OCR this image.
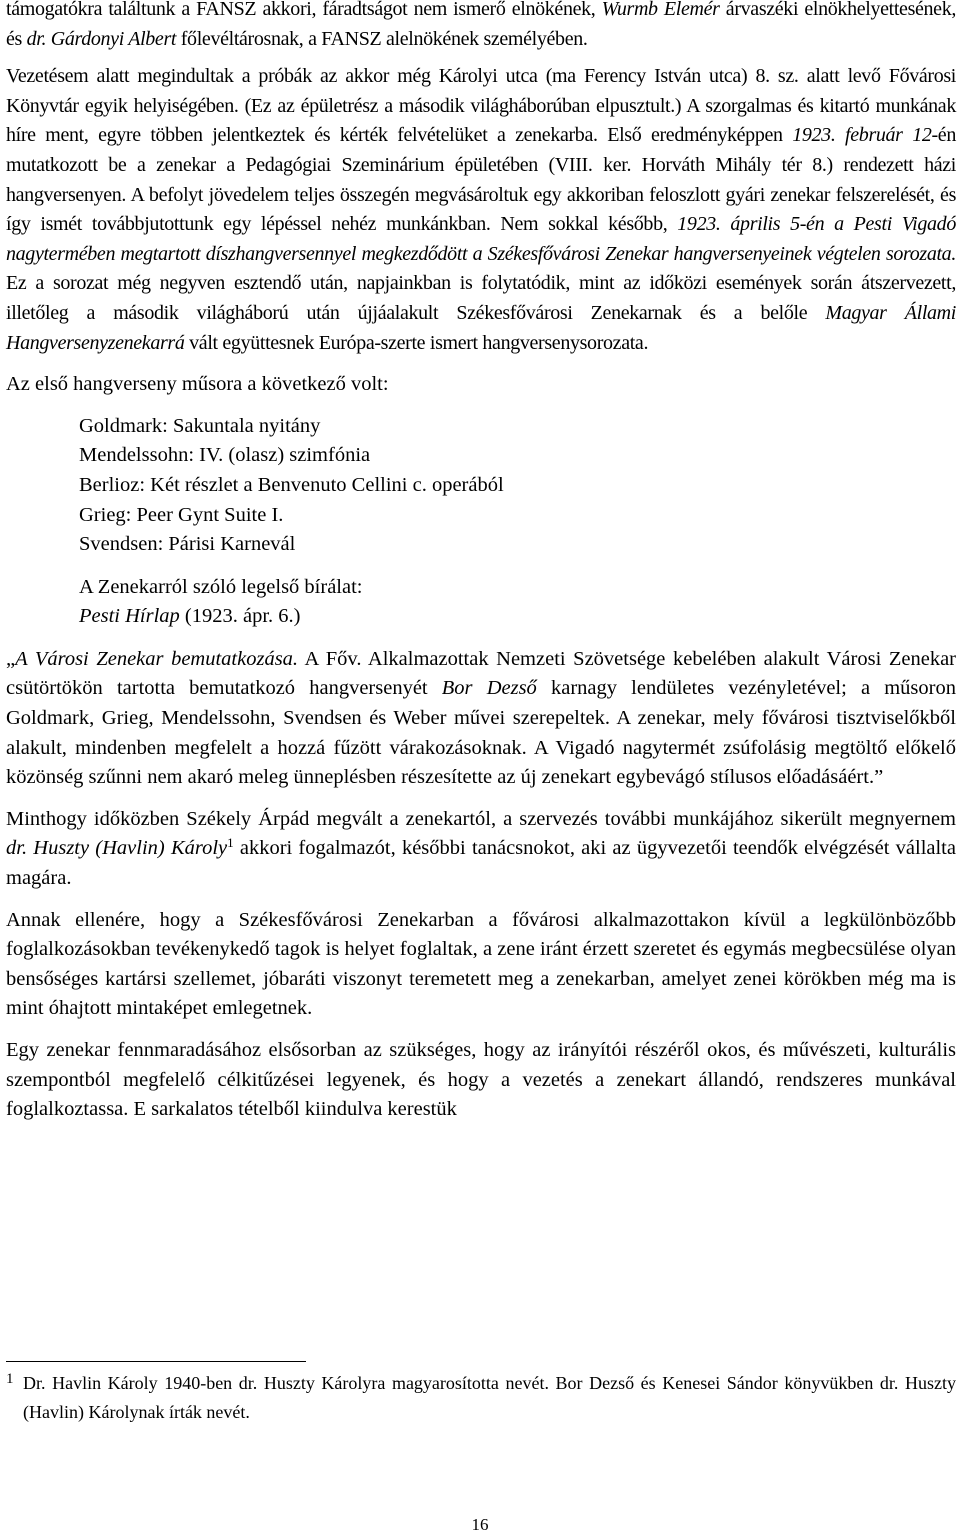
támogatókra találtunk a FANSZ akkori, fáradtságot nem ismerő elnökének, Wurmb Elemér árvaszéki elnökhelyettesének, és dr. Gárdonyi Albert főlevéltárosnak, a FANSZ alelnökének személyében.

Vezetésem alatt megindultak a próbák az akkor még Károlyi utca (ma Ferency István utca) 8. sz. alatt levő Fővárosi Könyvtár egyik helyiségében. (Ez az épületrész a második világháborúban elpusztult.) A szorgalmas és kitartó munkának híre ment, egyre többen jelentkeztek és kérték felvételüket a zenekarba. Első eredményképpen 1923. február 12-én mutatkozott be a zenekar a Pedagógiai Szeminárium épületében (VIII. ker. Horváth Mihály tér 8.) rendezett házi hangversenyen. A befolyt jövedelem teljes összegén megvásároltuk egy akkoriban feloszlott gyári zenekar felszerelését, és így ismét továbbjutottunk egy lépéssel nehéz munkánkban. Nem sokkal később, 1923. április 5-én a Pesti Vigadó nagytermében megtartott díszhangversennyel megkezdődött a Székesfővárosi Zenekar hangversenyeinek végtelen sorozata. Ez a sorozat még negyven esztendő után, napjainkban is folytatódik, mint az időközi események során átszervezett, illetőleg a második világháború után újjáalakult Székesfővárosi Zenekarnak és a belőle Magyar Állami Hangversenyzenekarrá vált együttesnek Európa-szerte ismert hangversenysorozata.

Az első hangverseny műsora a következő volt:

Goldmark: Sakuntala nyitány
Mendelssohn: IV. (olasz) szimfónia
Berlioz: Két részlet a Benvenuto Cellini c. operából
Grieg: Peer Gynt Suite I.
Svendsen: Párisi Karnevál
A Zenekarról szóló legelső bírálat:
Pesti Hírlap (1923. ápr. 6.)

„A Városi Zenekar bemutatkozása. A Főv. Alkalmazottak Nemzeti Szövetsége kebelében alakult Városi Zenekar csütörtökön tartotta bemutatkozó hangversenyét Bor Dezső karnagy lendületes vezényletével; a műsoron Goldmark, Grieg, Mendelssohn, Svendsen és Weber művei szerepeltek. A zenekar, mely fővárosi tisztviselőkből alakult, mindenben megfelelt a hozzá fűzött várakozásoknak. A Vigadó nagytermét zsúfolásig megtöltő előkelő közönség szűnni nem akaró meleg ünneplésben részesítette az új zenekart egybevágó stílusos előadásáért.”

Minthogy időközben Székely Árpád megvált a zenekartól, a szervezés további munkájához sikerült megnyernem dr. Huszty (Havlin) Károly$^1$ akkori fogalmazót, későbbi tanácsnokot, aki az ügyvezetői teendők elvégzését vállalta magára.

Annak ellenére, hogy a Székesfővárosi Zenekarban a fővárosi alkalmazottakon kívül a legkülönbözőbb foglalkozásokban tevékenykedő tagok is helyet foglaltak, a zene iránt érzett szeretet és egymás megbecsülése olyan bensőséges kartársi szellemet, jóbaráti viszonyt teremetett meg a zenekarban, amelyet zenei körökben még ma is mint óhajtott mintaképet emlegetnek.

Egy zenekar fennmaradásához elsősorban az szükséges, hogy az irányítói részéről okos, és művészeti, kulturális szempontból megfelelő célkitűzései legyenek, és hogy a vezetés a zenekart állandó, rendszeres munkával foglalkoztassa. E sarkalatos tételből kiindulva kerestük

1 Dr. Havlin Károly 1940-ben dr. Huszty Károlyra magyarosította nevét. Bor Dezső és Kenesei Sándor könyvükben dr. Huszty (Havlin) Károlynak írták nevét.
16
